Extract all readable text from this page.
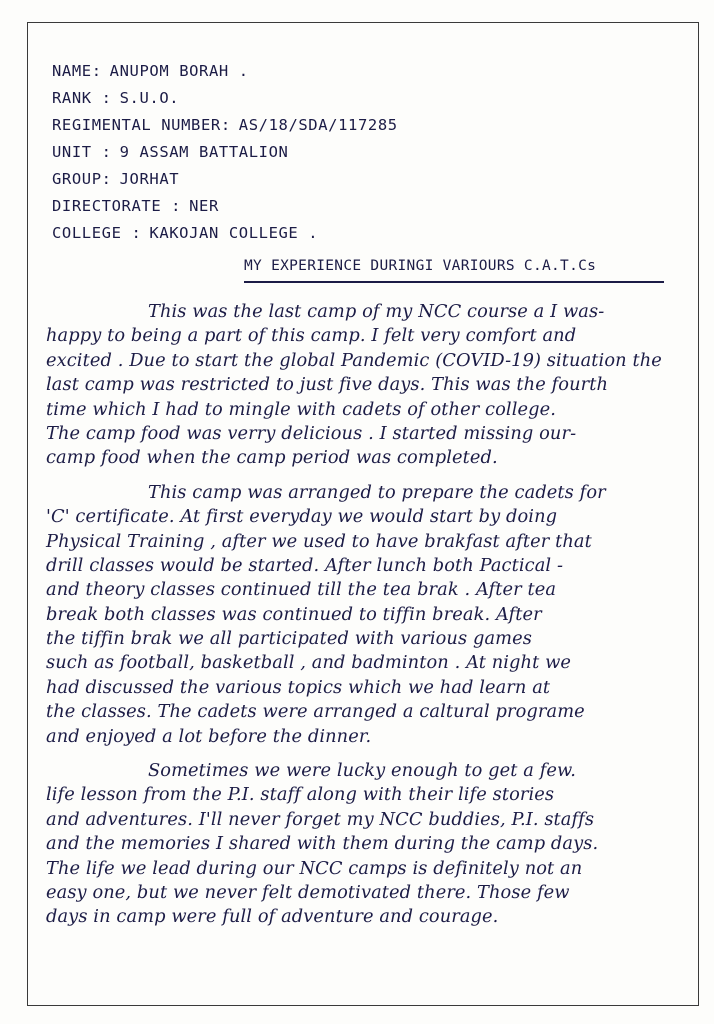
NAME: ANUPOM BORAH .
RANK : S.U.O.
REGIMENTAL NUMBER: AS/18/SDA/117285
UNIT : 9 ASSAM BATTALION
GROUP: JORHAT
DIRECTORATE : NER
COLLEGE : KAKOJAN COLLEGE .
MY EXPERIENCE DURINGI VARIOURS C.A.T.Cs
This was the last camp of my NCC course a I was-
happy to being a part of this camp. I felt very comfort and
excited . Due to start the global Pandemic (COVID-19) situation the
last camp was restricted to just five days. This was the fourth
time which I had to mingle with cadets of other college.
The camp food was verry delicious . I started missing our-
camp food when the camp period was completed.
This camp was arranged to prepare the cadets for
'C' certificate. At first everyday we would start by doing
Physical Training , after we used to have brakfast after that
drill classes would be started. After lunch both Pactical -
and theory classes continued till the tea brak . After tea
break both classes was continued to tiffin break. After
the tiffin brak we all participated with various games
such as football, basketball , and badminton . At night we
had discussed the various topics which we had learn at
the classes. The cadets were arranged a caltural programe
and enjoyed a lot before the dinner.
Sometimes we were lucky enough to get a few.
life lesson from the P.I. staff along with their life stories
and adventures. I'll never forget my NCC buddies, P.I. staffs
and the memories I shared with them during the camp days.
The life we lead during our NCC camps is definitely not an
easy one, but we never felt demotivated there. Those few
days in camp were full of adventure and courage.
